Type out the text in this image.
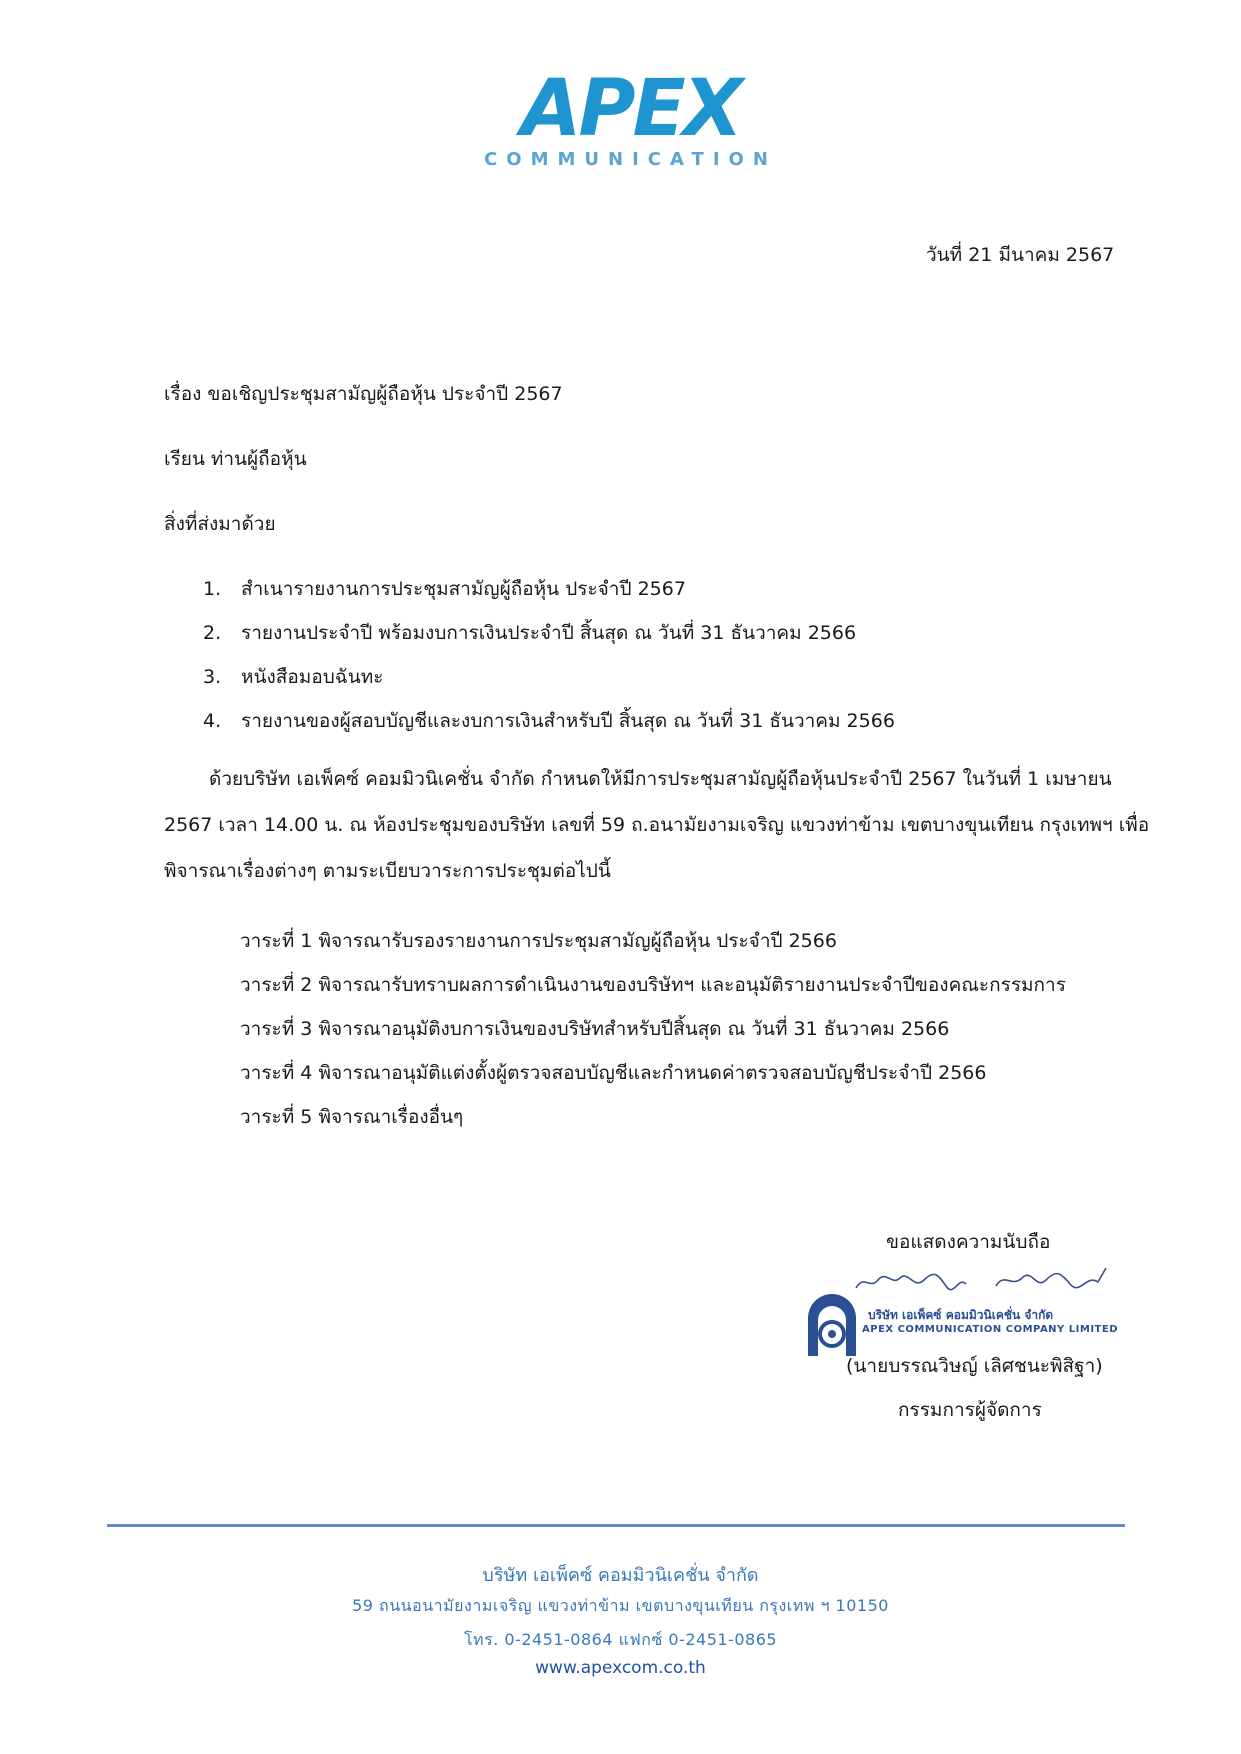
APEX
COMMUNICATION
วันที่ 21 มีนาคม 2567
เรื่อง ขอเชิญประชุมสามัญผู้ถือหุ้น ประจำปี 2567
เรียน ท่านผู้ถือหุ้น
สิ่งที่ส่งมาด้วย
1. สำเนารายงานการประชุมสามัญผู้ถือหุ้น ประจำปี 2567
2. รายงานประจำปี พร้อมงบการเงินประจำปี สิ้นสุด ณ วันที่ 31 ธันวาคม 2566
3. หนังสือมอบฉันทะ
4. รายงานของผู้สอบบัญชีและงบการเงินสำหรับปี สิ้นสุด ณ วันที่ 31 ธันวาคม 2566
ด้วยบริษัท เอเพ็คซ์ คอมมิวนิเคชั่น จำกัด กำหนดให้มีการประชุมสามัญผู้ถือหุ้นประจำปี 2567 ในวันที่ 1 เมษายน
2567 เวลา 14.00 น. ณ ห้องประชุมของบริษัท เลขที่ 59 ถ.อนามัยงามเจริญ แขวงท่าข้าม เขตบางขุนเทียน กรุงเทพฯ เพื่อ
พิจารณาเรื่องต่างๆ ตามระเบียบวาระการประชุมต่อไปนี้
วาระที่ 1 พิจารณารับรองรายงานการประชุมสามัญผู้ถือหุ้น ประจำปี 2566
วาระที่ 2 พิจารณารับทราบผลการดำเนินงานของบริษัทฯ และอนุมัติรายงานประจำปีของคณะกรรมการ
วาระที่ 3 พิจารณาอนุมัติงบการเงินของบริษัทสำหรับปีสิ้นสุด ณ วันที่ 31 ธันวาคม 2566
วาระที่ 4 พิจารณาอนุมัติแต่งตั้งผู้ตรวจสอบบัญชีและกำหนดค่าตรวจสอบบัญชีประจำปี 2566
วาระที่ 5 พิจารณาเรื่องอื่นๆ
ขอแสดงความนับถือ
บริษัท เอเพ็คซ์ คอมมิวนิเคชั่น จำกัด
APEX COMMUNICATION COMPANY LIMITED
(นายบรรณวิษญ์ เลิศชนะพิสิฐา)
กรรมการผู้จัดการ
บริษัท เอเพ็คซ์ คอมมิวนิเคชั่น จำกัด
59 ถนนอนามัยงามเจริญ แขวงท่าข้าม เขตบางขุนเทียน กรุงเทพ ฯ 10150
โทร. 0-2451-0864 แฟกซ์ 0-2451-0865
www.apexcom.co.th
